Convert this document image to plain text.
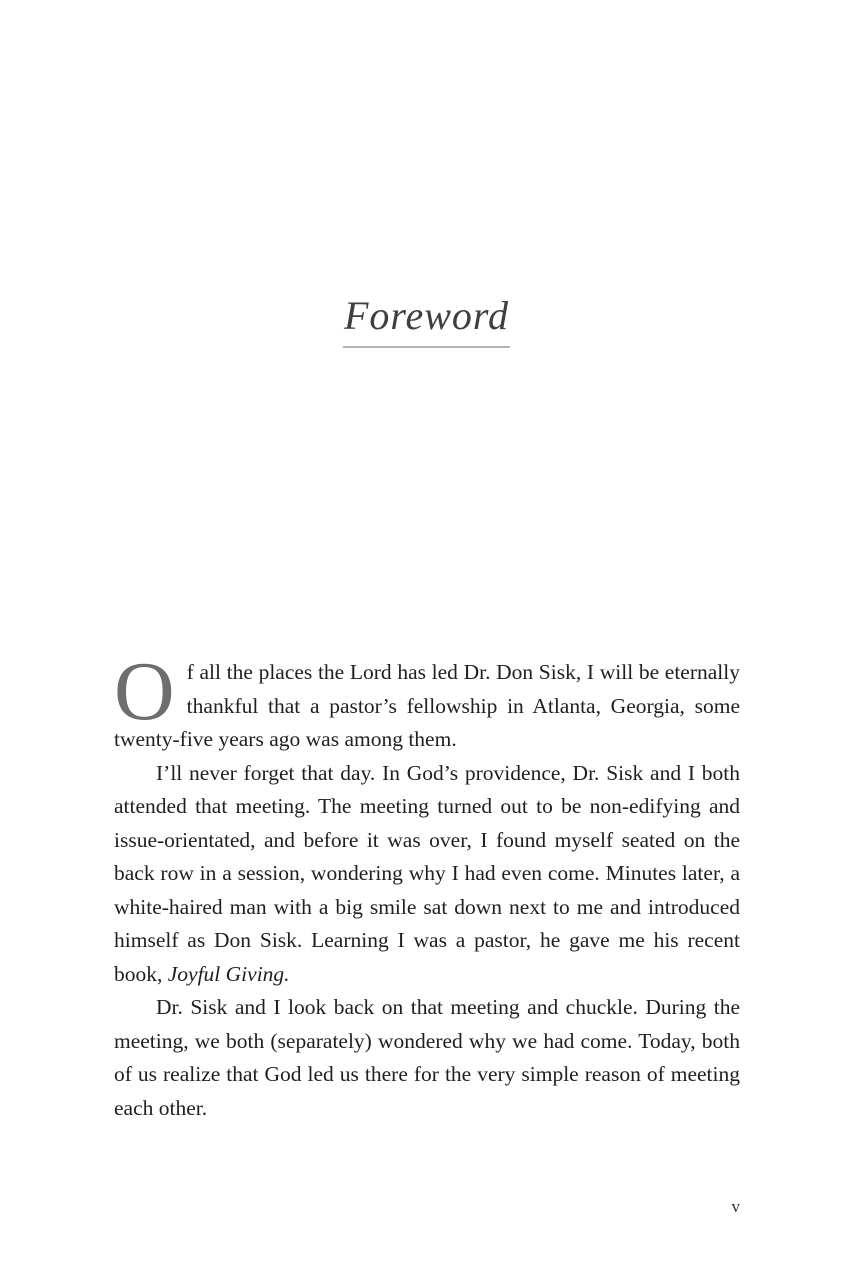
Foreword

Of all the places the Lord has led Dr. Don Sisk, I will be eternally thankful that a pastor’s fellowship in Atlanta, Georgia, some twenty-five years ago was among them.

I’ll never forget that day. In God’s providence, Dr. Sisk and I both attended that meeting. The meeting turned out to be non-edifying and issue-orientated, and before it was over, I found myself seated on the back row in a session, wondering why I had even come. Minutes later, a white-haired man with a big smile sat down next to me and introduced himself as Don Sisk. Learning I was a pastor, he gave me his recent book, Joyful Giving.

Dr. Sisk and I look back on that meeting and chuckle. During the meeting, we both (separately) wondered why we had come. Today, both of us realize that God led us there for the very simple reason of meeting each other.

v
